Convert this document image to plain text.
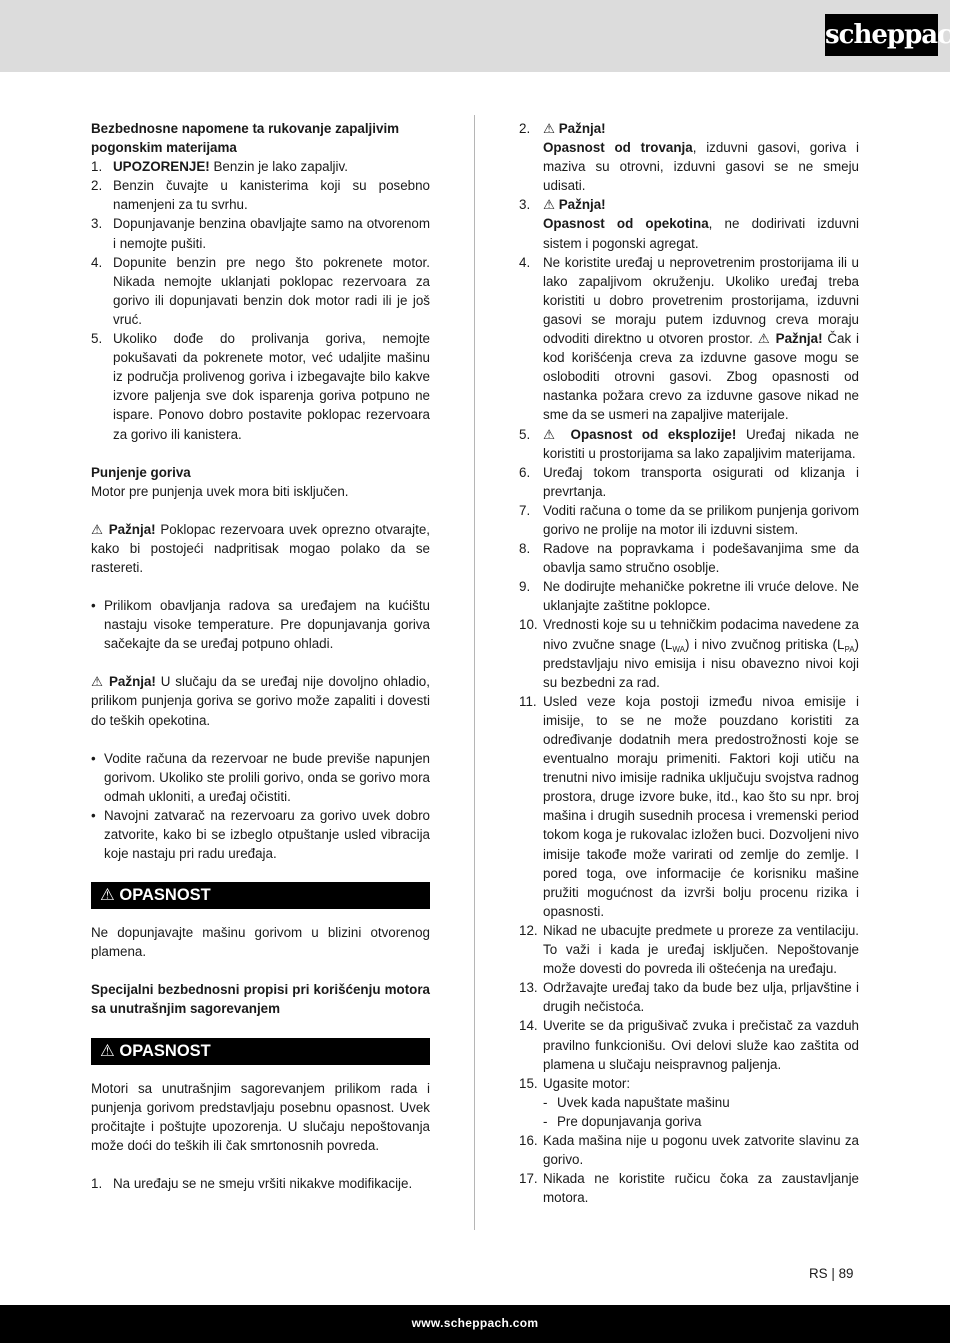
scheppach

Bezbednosne napomene ta rukovanje zapaljivim pogonskim materijama

1. UPOZORENJE! Benzin je lako zapaljiv.
2. Benzin čuvajte u kanisterima koji su posebno namenjeni za tu svrhu.
3. Dopunjavanje benzina obavljajte samo na otvorenom i nemojte pušiti.
4. Dopunite benzin pre nego što pokrenete motor. Nikada nemojte uklanjati poklopac rezervoara za gorivo ili dopunjavati benzin dok motor radi ili je još vruć.
5. Ukoliko dođe do prolivanja goriva, nemojte pokušavati da pokrenete motor, već udaljite mašinu iz područja prolivenog goriva i izbegavajte bilo kakve izvore paljenja sve dok isparenja goriva potpuno ne ispare. Ponovo dobro postavite poklopac rezervoara za gorivo ili kanistera.

Punjenje goriva

Motor pre punjenja uvek mora biti isključen.

⚠ Pažnja! Poklopac rezervoara uvek oprezno otvarajte, kako bi postojeći nadpritisak mogao polako da se rastereti.

• Prilikom obavljanja radova sa uređajem na kućištu nastaju visoke temperature. Pre dopunjavanja goriva sačekajte da se uređaj potpuno ohladi.

⚠ Pažnja! U slučaju da se uređaj nije dovoljno ohladio, prilikom punjenja goriva se gorivo može zapaliti i dovesti do teških opekotina.

• Vodite računa da rezervoar ne bude previše napunjen gorivom. Ukoliko ste prolili gorivo, onda se gorivo mora odmah ukloniti, a uređaj očistiti.
• Navojni zatvarač na rezervoaru za gorivo uvek dobro zatvorite, kako bi se izbeglo otpuštanje usled vibracija koje nastaju pri radu uređaja.
⚠ OPASNOST

Ne dopunjavajte mašinu gorivom u blizini otvorenog plamena.

Specijalni bezbednosni propisi pri korišćenju motora sa unutrašnjim sagorevanjem

⚠ OPASNOST

Motori sa unutrašnjim sagorevanjem prilikom rada i punjenja gorivom predstavljaju posebnu opasnost. Uvek pročitajte i poštujte upozorenja. U slučaju nepoštovanja može doći do teških ili čak smrtonosnih povreda.

1. Na uređaju se ne smeju vršiti nikakve modifikacije.
2. ⚠ Pažnja!
Opasnost od trovanja, izduvni gasovi, goriva i maziva su otrovni, izduvni gasovi se ne smeju udisati.
3. ⚠ Pažnja!
Opasnost od opekotina, ne dodirivati izduvni sistem i pogonski agregat.
4. Ne koristite uređaj u neprovetrenim prostorijama ili u lako zapaljivom okruženju. Ukoliko uređaj treba koristiti u dobro provetrenim prostorijama, izduvni gasovi se moraju putem izduvnog creva moraju odvoditi direktno u otvoren prostor. ⚠ Pažnja! Čak i kod korišćenja creva za izduvne gasove mogu se osloboditi otrovni gasovi. Zbog opasnosti od nastanka požara crevo za izduvne gasove nikad ne sme da se usmeri na zapaljive materijale.
5. ⚠ Opasnost od eksplozije! Uređaj nikada ne koristiti u prostorijama sa lako zapaljivim materijama.
6. Uređaj tokom transporta osigurati od klizanja i prevrtanja.
7. Voditi računa o tome da se prilikom punjenja gorivom gorivo ne prolije na motor ili izduvni sistem.
8. Radove na popravkama i podešavanjima sme da obavlja samo stručno osoblje.
9. Ne dodirujte mehaničke pokretne ili vruće delove. Ne uklanjajte zaštitne poklopce.
10. Vrednosti koje su u tehničkim podacima navedene za nivo zvučne snage $(L_{WA})$ i nivo zvučnog pritiska $(L_{PA})$ predstavljaju nivo emisija i nisu obavezno nivoi koji su bezbedni za rad.
11. Usled veze koja postoji između nivoa emisije i imisije, to se ne može pouzdano koristiti za određivanje dodatnih mera predostrožnosti koje se eventualno moraju primeniti. Faktori koji utiču na trenutni nivo imisije radnika uključuju svojstva radnog prostora, druge izvore buke, itd., kao što su npr. broj mašina i drugih susednih procesa i vremenski period tokom koga je rukovalac izložen buci. Dozvoljeni nivo imisije takođe može varirati od zemlje do zemlje. I pored toga, ove informacije će korisniku mašine pružiti mogućnost da izvrši bolju procenu rizika i opasnosti.
12. Nikad ne ubacujte predmete u proreze za ventilaciju. To važi i kada je uređaj isključen. Nepoštovanje može dovesti do povreda ili oštećenja na uređaju.
13. Održavajte uređaj tako da bude bez ulja, prljavštine i drugih nečistoća.
14. Uverite se da prigušivač zvuka i prečistač za vazduh pravilno funkcionišu. Ovi delovi služe kao zaštita od plamena u slučaju neispravnog paljenja.
15. Ugasite motor:
- Uvek kada napuštate mašinu
- Pre dopunjavanja goriva
16. Kada mašina nije u pogonu uvek zatvorite slavinu za gorivo.
17. Nikada ne koristite ručicu čoka za zaustavljanje motora.
RS | 89
www.scheppach.com
